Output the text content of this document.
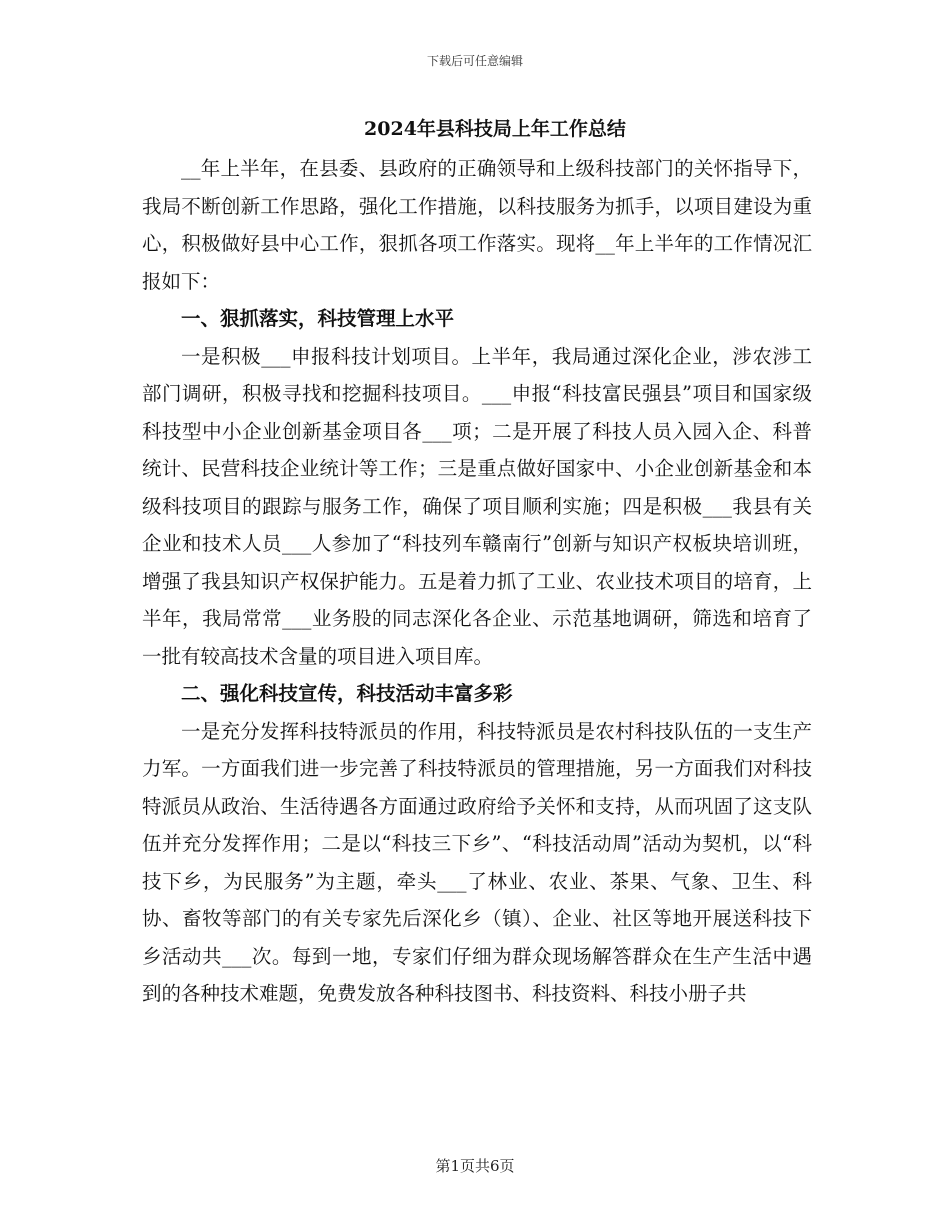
下载后可任意编辑
2024年县科技局上年工作总结

__年上半年，在县委、县政府的正确领导和上级科技部门的关怀指导下，我局不断创新工作思路，强化工作措施，以科技服务为抓手，以项目建设为重心，积极做好县中心工作，狠抓各项工作落实。现将__年上半年的工作情况汇报如下：

一、狠抓落实，科技管理上水平

一是积极___申报科技计划项目。上半年，我局通过深化企业，涉农涉工部门调研，积极寻找和挖掘科技项目。___申报“科技富民强县”项目和国家级科技型中小企业创新基金项目各___项；二是开展了科技人员入园入企、科普统计、民营科技企业统计等工作；三是重点做好国家中、小企业创新基金和本级科技项目的跟踪与服务工作，确保了项目顺利实施；四是积极___我县有关企业和技术人员___人参加了“科技列车赣南行”创新与知识产权板块培训班，增强了我县知识产权保护能力。五是着力抓了工业、农业技术项目的培育，上半年，我局常常___业务股的同志深化各企业、示范基地调研，筛选和培育了一批有较高技术含量的项目进入项目库。

二、强化科技宣传，科技活动丰富多彩

一是充分发挥科技特派员的作用，科技特派员是农村科技队伍的一支生产力军。一方面我们进一步完善了科技特派员的管理措施，另一方面我们对科技特派员从政治、生活待遇各方面通过政府给予关怀和支持，从而巩固了这支队伍并充分发挥作用；二是以“科技三下乡”、“科技活动周”活动为契机，以“科技下乡，为民服务”为主题，牵头___了林业、农业、茶果、气象、卫生、科协、畜牧等部门的有关专家先后深化乡（镇）、企业、社区等地开展送科技下乡活动共___次。每到一地，专家们仔细为群众现场解答群众在生产生活中遇到的各种技术难题，免费发放各种科技图书、科技资料、科技小册子共

第1页共6页
